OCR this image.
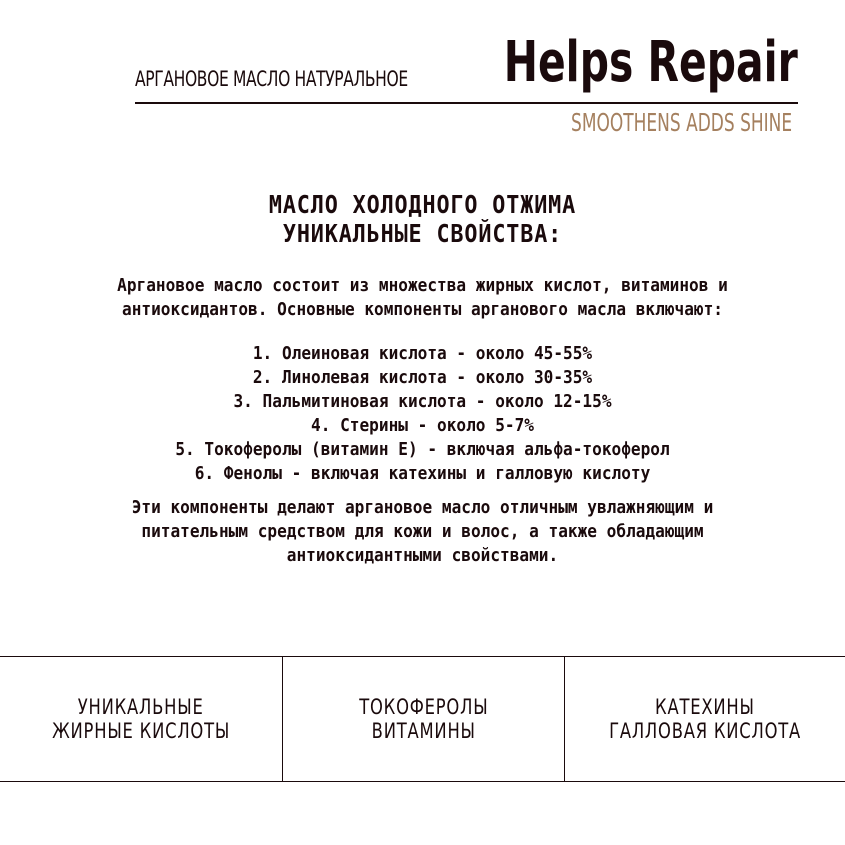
АРГАНОВОЕ МАСЛО НАТУРАЛЬНОЕ Helps Repair
SMOOTHENS ADDS SHINE
МАСЛО ХОЛОДНОГО ОТЖИМА
УНИКАЛЬНЫЕ СВОЙСТВА:
Аргановое масло состоит из множества жирных кислот, витаминов и
антиоксидантов. Основные компоненты арганового масла включают:
1. Олеиновая кислота - около 45-55%
2. Линолевая кислота - около 30-35%
3. Пальмитиновая кислота - около 12-15%
4. Стерины - около 5-7%
5. Токоферолы (витамин Е) - включая альфа-токоферол
6. Фенолы - включая катехины и галловую кислоту
Эти компоненты делают аргановое масло отличным увлажняющим и
питательным средством для кожи и волос, а также обладающим
антиоксидантными свойствами.
УНИКАЛЬНЫЕ
ЖИРНЫЕ КИСЛОТЫ
ТОКОФЕРОЛЫ
ВИТАМИНЫ
КАТЕХИНЫ
ГАЛЛОВАЯ КИСЛОТА
